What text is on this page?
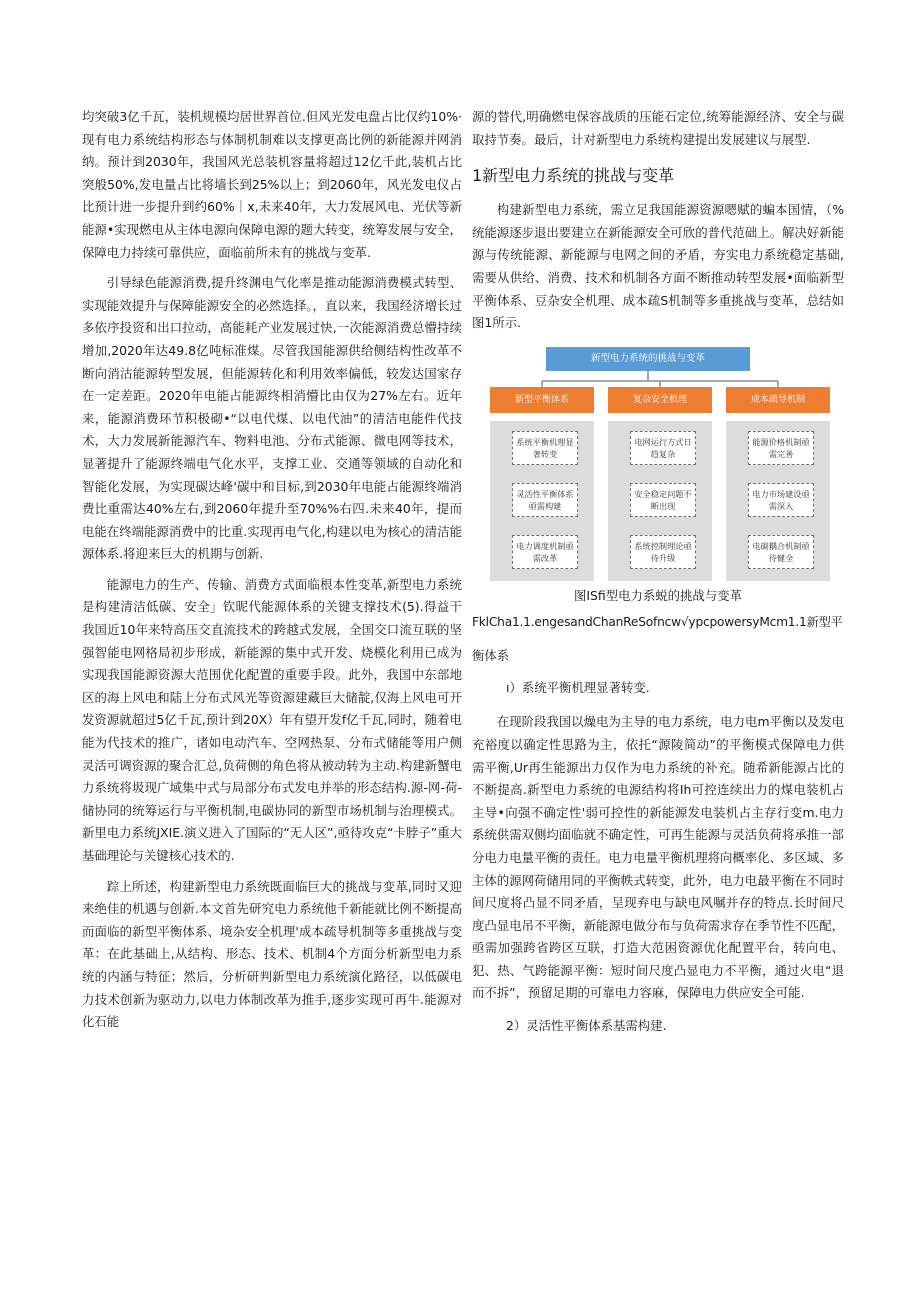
均突破3亿千瓦，装机规模均居世界首位.但风光发电盘占比仅约10%·现有电力系统结构形态与体制机制难以支撑更高比例的新能源并网消纳。预计到2030年，我国风光总装机容量将超过12亿千此,装机占比突般50%,发电量占比将墙长到25%以上；到2060年，风光发电仪占比预计进一步提升到约60%｜x,未来40年，大力发展风电、光伏等新能源•实现燃电从主体电源向保障电源的题大转变，统筹发展与安全，保障电力持续可靠供应，面临前所未有的挑战与变革.

引导绿色能源消费,提升终渊电气化率是推动能源消费模式转型、实现能效提升与保障能源安全的必然选择。，直以来，我国经济增长过多依序投资和出口拉动，高能耗产业发展过快,一次能源消费总懵持续增加,2020年达49.8亿吨标准煤。尽管我国能源供给侧结构性改革不断向消沽能源转型发展，但能源转化和利用效率偏低，较发达国家存在一定差距。2020年电能占能源终相消懵比由仅为27%左右。近年来，能源消费环节积极砌•“以电代煤、以电代油”的清洁电能件代技术，大力发展新能源汽车、物料电池、分布式能源、微电网等技术，显著提升了能源终端电气化水平，支撑工业、交通等领域的自动化和智能化发展，为实现碳达峰'碳中和目标,到2030年电能占能源终端消费比重需达40%左右,到2060年提升至70%%右四.未来40年，提而电能在终端能源消费中的比重.实现再电气化,构建以电为核心的清洁能源体系.将迎来巨大的机期与创新.

能源电力的生产、传输、消费方式面临根本性变革,新型电力系统是构建清洁低碳、安全」钦昵代能源体系的关键支撑技术(5).得益干我国近10年来特高压交直流技术的跨越式发展，全国交口流互联的坚强智能电网格局初步形成，新能源的集中式开发、烧模化利用已成为实现我国能源资源大范围优化配置的重要手段。此外，我国中东部地区的海上风电和陆上分布式风光等资源建藏巨大储靛,仅海上风电可开发资源就超过5亿千瓦,预计到20X）年有望开发f亿千瓦,同时，随着电能为代技术的推广，诸如电动汽车、空网热泵、分布式储能等用户侧灵活可调资源的聚合汇总,负荷侧的角色将从被动转为主动.构建新蟹电力系统将圾现广域集中式与局部分布式发电并举的形态结构.源-网-荷-储协同的统筹运行与平衡机制,电碳协同的新型市场机制与治理模式。新里电力系统JXIE.演义进入了国际的“无人区”,亟待攻克“卡脖子”重大基础理论与关键核心技术的.

踪上所述，构建新型电力系统既面临巨大的挑战与变革,同时又迎来绝佳的机遇与创新.本文首先研究电力系统他千新能就比例不断提高而面临的新型平衡体系、境杂安全机理'成本疏导机制等多重挑战与变革：在此基础上,从结构、形态、技术、机制4个方面分析新型电力系统的内涵与特征；然后，分析研判新型电力系统演化路径，以低碳电力技术创新为驱动力,以电力体制改革为推手,逐步实现可再牛.能源对化石能

源的替代,明确燃电保容战质的压能石定位,统筹能源经济、安全与碳取持节奏。最后，计对新型电力系统构建提出发展建议与展型.

1新型电力系统的挑战与变革

构建新型电力系统，需立足我国能源资源嗯赋的蝙本国情，（%统能源逐步退出要建立在新能源安全可欣的普代范础上。解决好新能源与传统能源、新能源与电网之间的矛盾，夯实电力系统稳定基础,需要从供给、消费、技术和机制各方面不断推动转型发展•面临新型平衡体系、豆杂安全机理、成本疏S机制等多重挑战与变革，总结如图1所示.

新型电力系统的挑战与变革
新型平衡体系	复杂安全机理	成本疏导机制
系统平衡机理显著转变
灵活性平衡体系亟需构建
电力调度机制亟需改革
电网运行方式日趋复杂
安全稳定问题不断出现
系统控制理论亟待升级
能源价格机制亟需完善
电力市场建设亟需深入
电碳耦合机制亟待健全

图ISfi型电力系蜕的挑战与变革

FklCha1.1.engesandChanReSofncw√ypcpowersyMcm1.1新型平

衡体系

ı）系统平衡机理显著转变.

在现阶段我国以燥电为主导的电力系统，电力电m平衡以及发电充裕度以确定性思路为主，依托“源陵简动”的平衡模式保障电力供需平衡,Ur再生能源出力仅作为电力系统的补充。随希新能源占比的不断提高.新型电力系统的电源结构将Ih可控连续出力的煤电装机占主导•向强不确定性'弱可控性的新能源发电装机占主存行变m.电力系统供需双侧均面临就不确定性，可再生能源与灵活负荷将承推一部分电力电量平衡的责任。电力电量平衡机理将向概率化、多区域、多主体的源网荷储用同的平衡帙式转变，此外，电力电最平衡在不同时间尺度将凸显不同矛盾，呈现弃电与缺电风嘱并存的特点.长时间尺度凸显电吊不平衡，新能源电做分布与负荷需求存在季节性不匹配，亟需加强跨省跨区互联，打造大范困资源优化配置平台，转向电、犯、热、气跨能源平衡：短时间尺度凸显电力不平衡，通过火电“退而不拆”，预留足期的可靠电力容麻，保障电力供应安全可能.

2）灵活性平衡体系基需构建.
